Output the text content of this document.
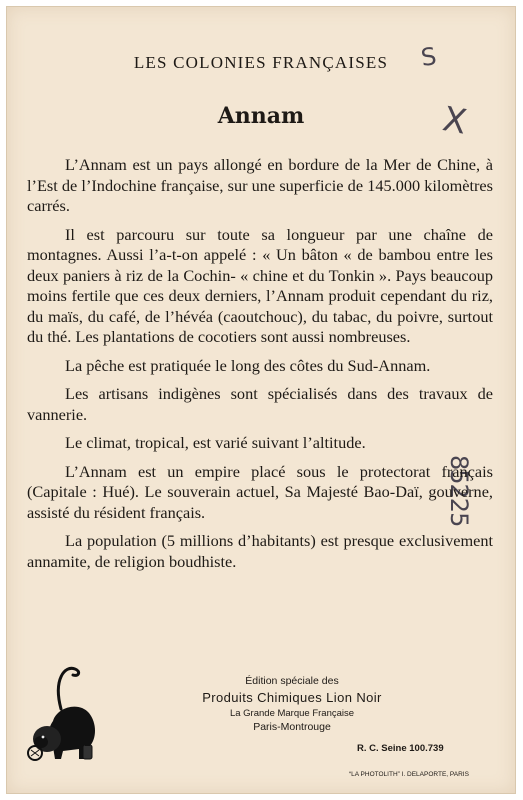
LES COLONIES FRANÇAISES
Annam
S
X
85225

L’Annam est un pays allongé en bordure de la Mer de Chine, à l’Est de l’Indochine française, sur une superficie de 145.000 kilomètres carrés.

Il est parcouru sur toute sa longueur par une chaîne de montagnes. Aussi l’a-t-on appelé : « Un bâton « de bambou entre les deux paniers à riz de la Cochin- « chine et du Tonkin ». Pays beaucoup moins fertile que ces deux derniers, l’Annam produit cependant du riz, du maïs, du café, de l’hévéa (caoutchouc), du tabac, du poivre, surtout du thé. Les plantations de cocotiers sont aussi nombreuses.

La pêche est pratiquée le long des côtes du Sud-Annam.

Les artisans indigènes sont spécialisés dans des travaux de vannerie.

Le climat, tropical, est varié suivant l’altitude.

L’Annam est un empire placé sous le protectorat français (Capitale : Hué). Le souverain actuel, Sa Majesté Bao-Daï, gouverne, assisté du résident français.

La population (5 millions d’habitants) est presque exclusivement annamite, de religion boudhiste.

Édition spéciale des
Produits Chimiques Lion Noir
La Grande Marque Française
Paris-Montrouge
R. C. Seine 100.739
“LA PHOTOLITH” I. DELAPORTE, PARIS
